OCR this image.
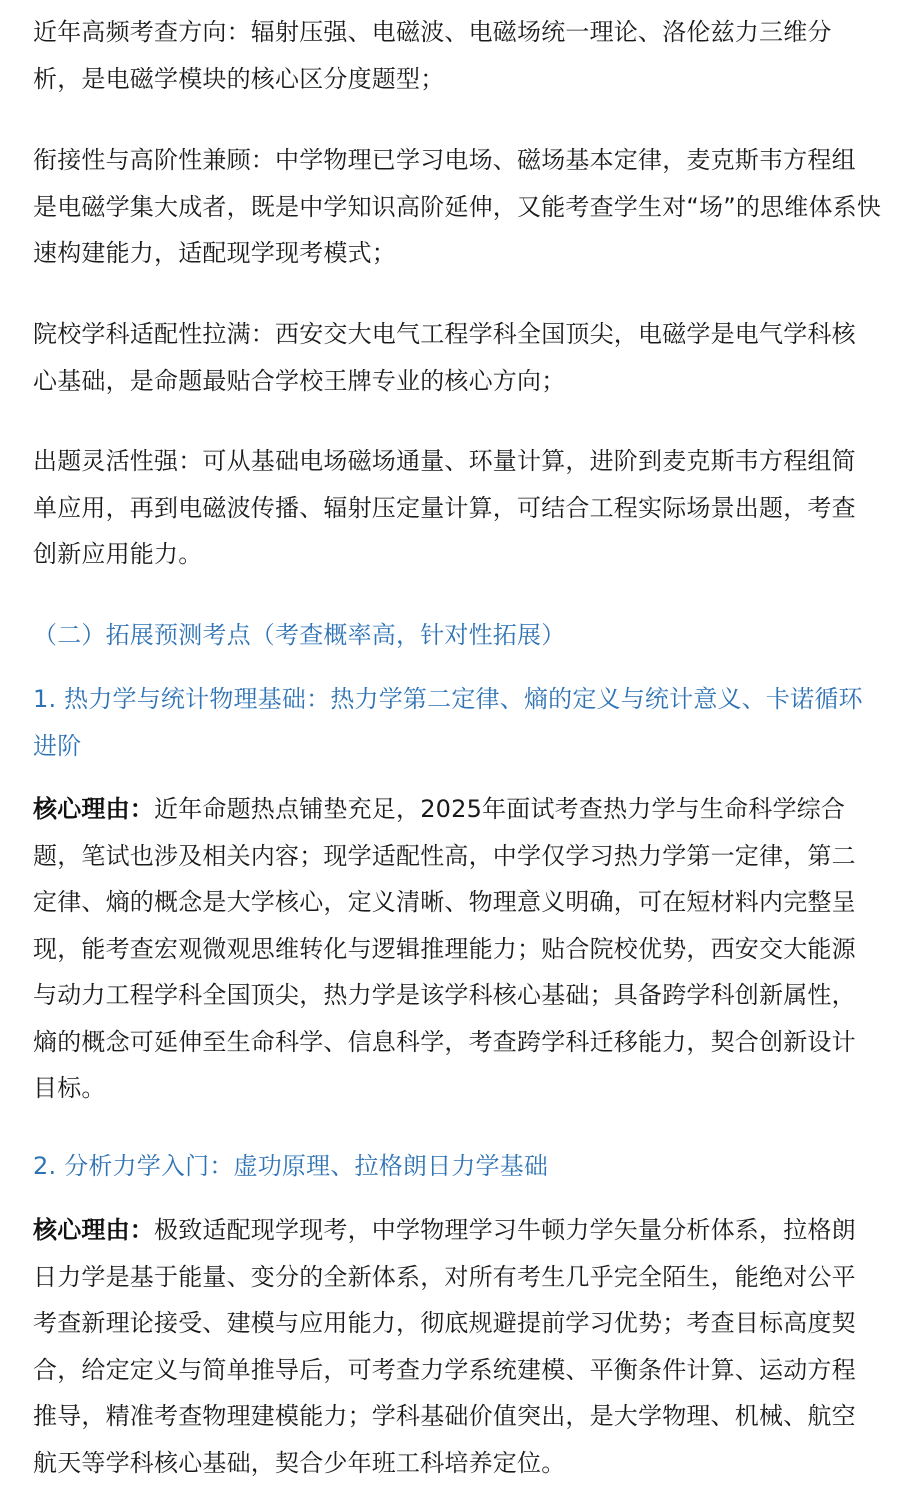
近年高频考查方向：辐射压强、电磁波、电磁场统一理论、洛伦兹力三维分
析，是电磁学模块的核心区分度题型；
衔接性与高阶性兼顾：中学物理已学习电场、磁场基本定律，麦克斯韦方程组
是电磁学集大成者，既是中学知识高阶延伸，又能考查学生对“场”的思维体系快
速构建能力，适配现学现考模式；
院校学科适配性拉满：西安交大电气工程学科全国顶尖，电磁学是电气学科核
心基础，是命题最贴合学校王牌专业的核心方向；
出题灵活性强：可从基础电场磁场通量、环量计算，进阶到麦克斯韦方程组简
单应用，再到电磁波传播、辐射压定量计算，可结合工程实际场景出题，考查
创新应用能力。
（二）拓展预测考点（考查概率高，针对性拓展）
1. 热力学与统计物理基础：热力学第二定律、熵的定义与统计意义、卡诺循环
进阶
核心理由：近年命题热点铺垫充足，2025年面试考查热力学与生命科学综合
题，笔试也涉及相关内容；现学适配性高，中学仅学习热力学第一定律，第二
定律、熵的概念是大学核心，定义清晰、物理意义明确，可在短材料内完整呈
现，能考查宏观微观思维转化与逻辑推理能力；贴合院校优势，西安交大能源
与动力工程学科全国顶尖，热力学是该学科核心基础；具备跨学科创新属性，
熵的概念可延伸至生命科学、信息科学，考查跨学科迁移能力，契合创新设计
目标。
2. 分析力学入门：虚功原理、拉格朗日力学基础
核心理由：极致适配现学现考，中学物理学习牛顿力学矢量分析体系，拉格朗
日力学是基于能量、变分的全新体系，对所有考生几乎完全陌生，能绝对公平
考查新理论接受、建模与应用能力，彻底规避提前学习优势；考查目标高度契
合，给定定义与简单推导后，可考查力学系统建模、平衡条件计算、运动方程
推导，精准考查物理建模能力；学科基础价值突出，是大学物理、机械、航空
航天等学科核心基础，契合少年班工科培养定位。
